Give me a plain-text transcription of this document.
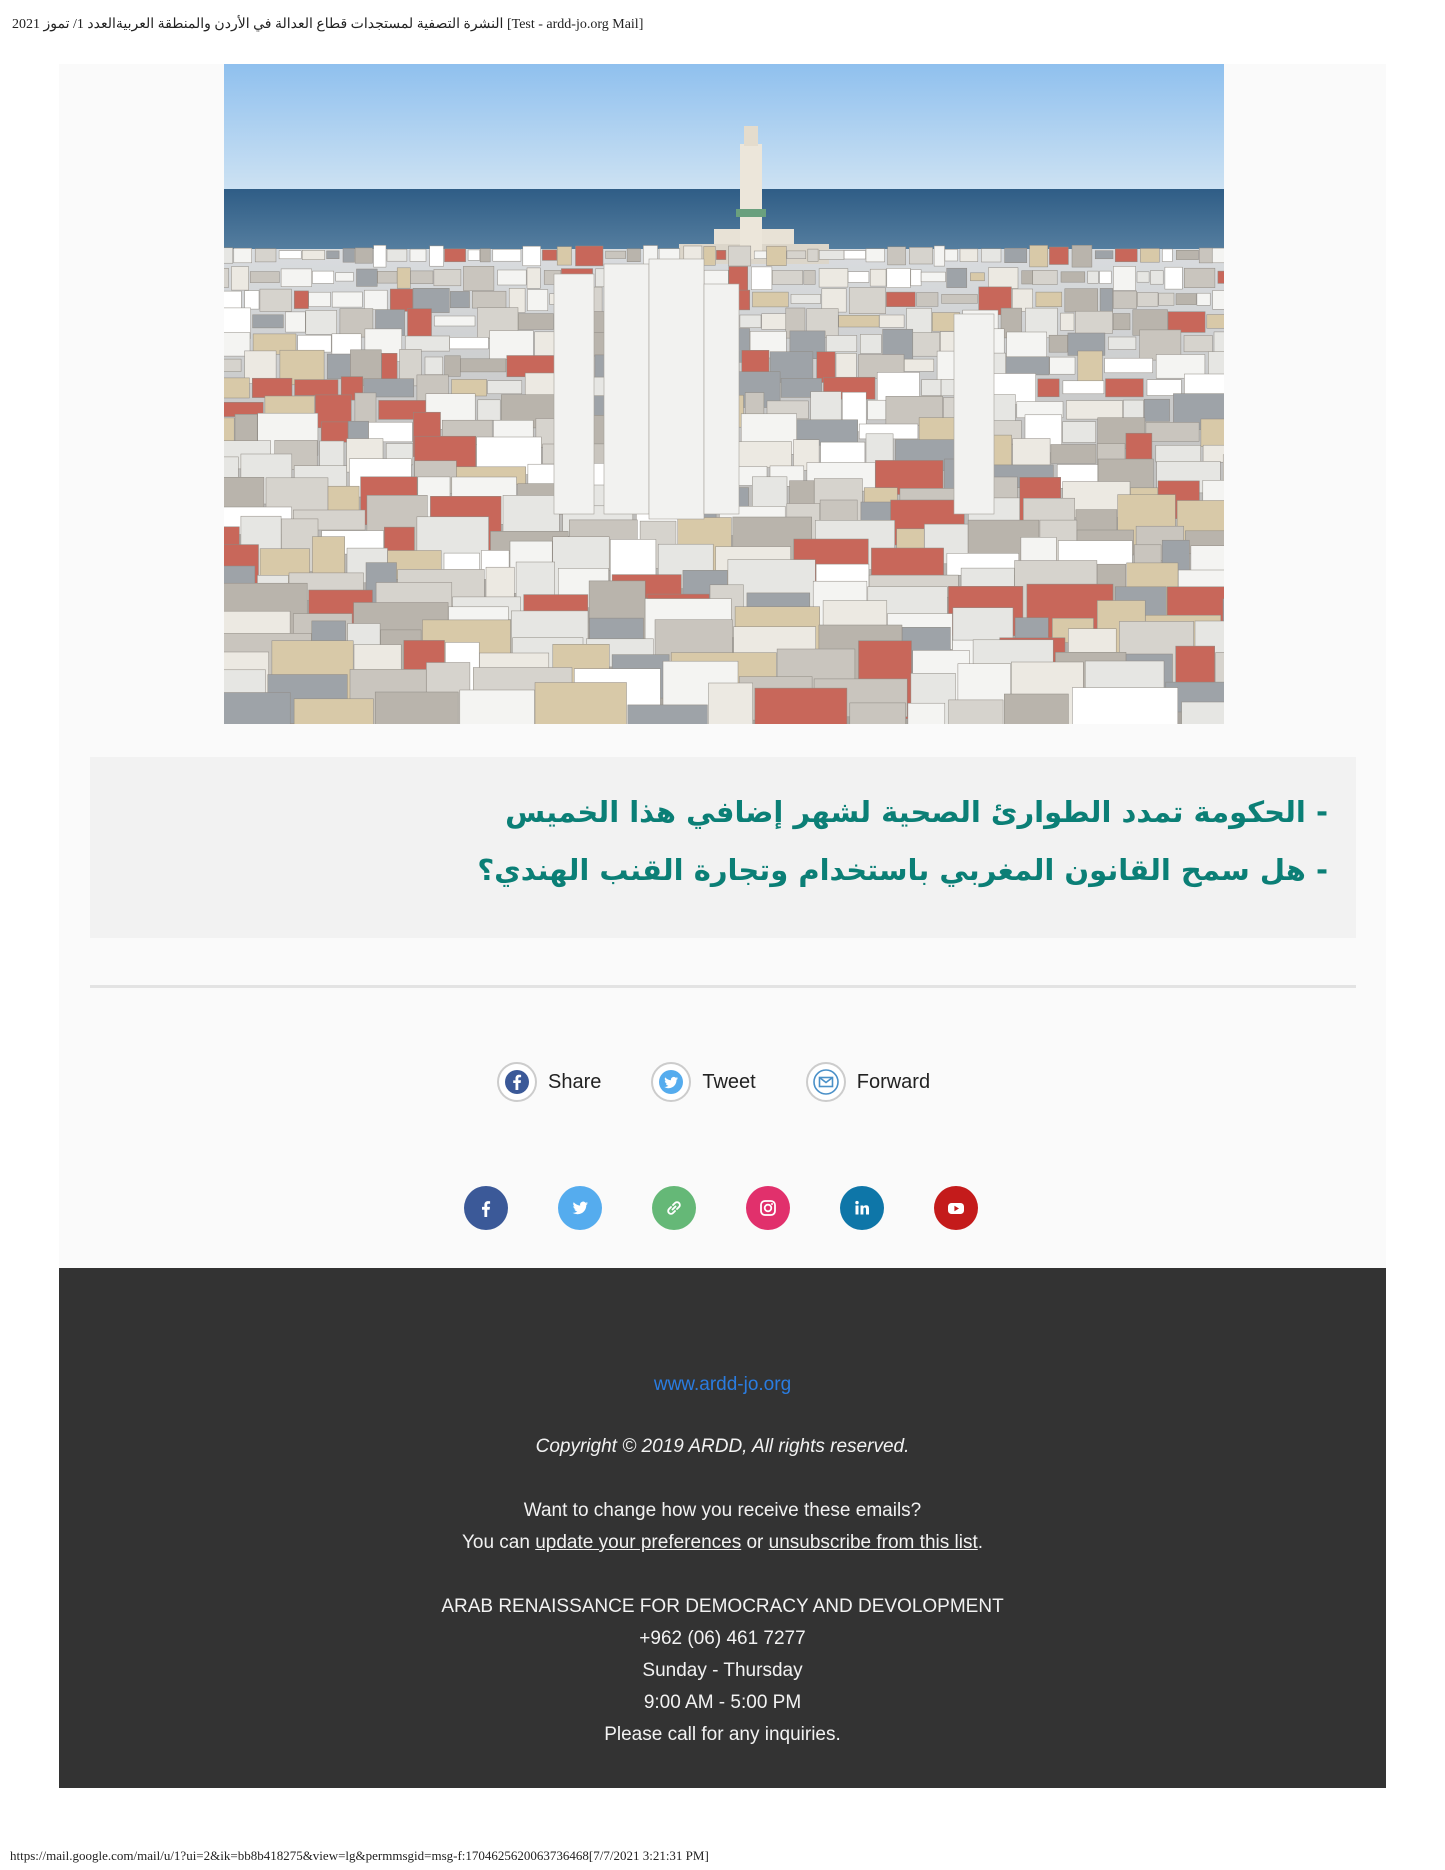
[Test - ardd-jo.org Mail] النشرة التصفية لمستجدات قطاع العدالة في الأردن والمنطقة العربيةالعدد 1/ تموز 2021
- الحكومة تمدد الطوارئ الصحية لشهر إضافي هذا الخميس
- هل سمح القانون المغربي باستخدام وتجارة القنب الهندي؟
Share	Tweet	Forward
www.ardd-jo.org
Copyright © 2019 ARDD, All rights reserved.
Want to change how you receive these emails?
You can update your preferences or unsubscribe from this list.
ARAB RENAISSANCE FOR DEMOCRACY AND DEVOLOPMENT
+962 (06) 461 7277
Sunday - Thursday
9:00 AM - 5:00 PM
Please call for any inquiries.
https://mail.google.com/mail/u/1?ui=2&ik=bb8b418275&view=lg&permmsgid=msg-f:1704625620063736468[7/7/2021 3:21:31 PM]
